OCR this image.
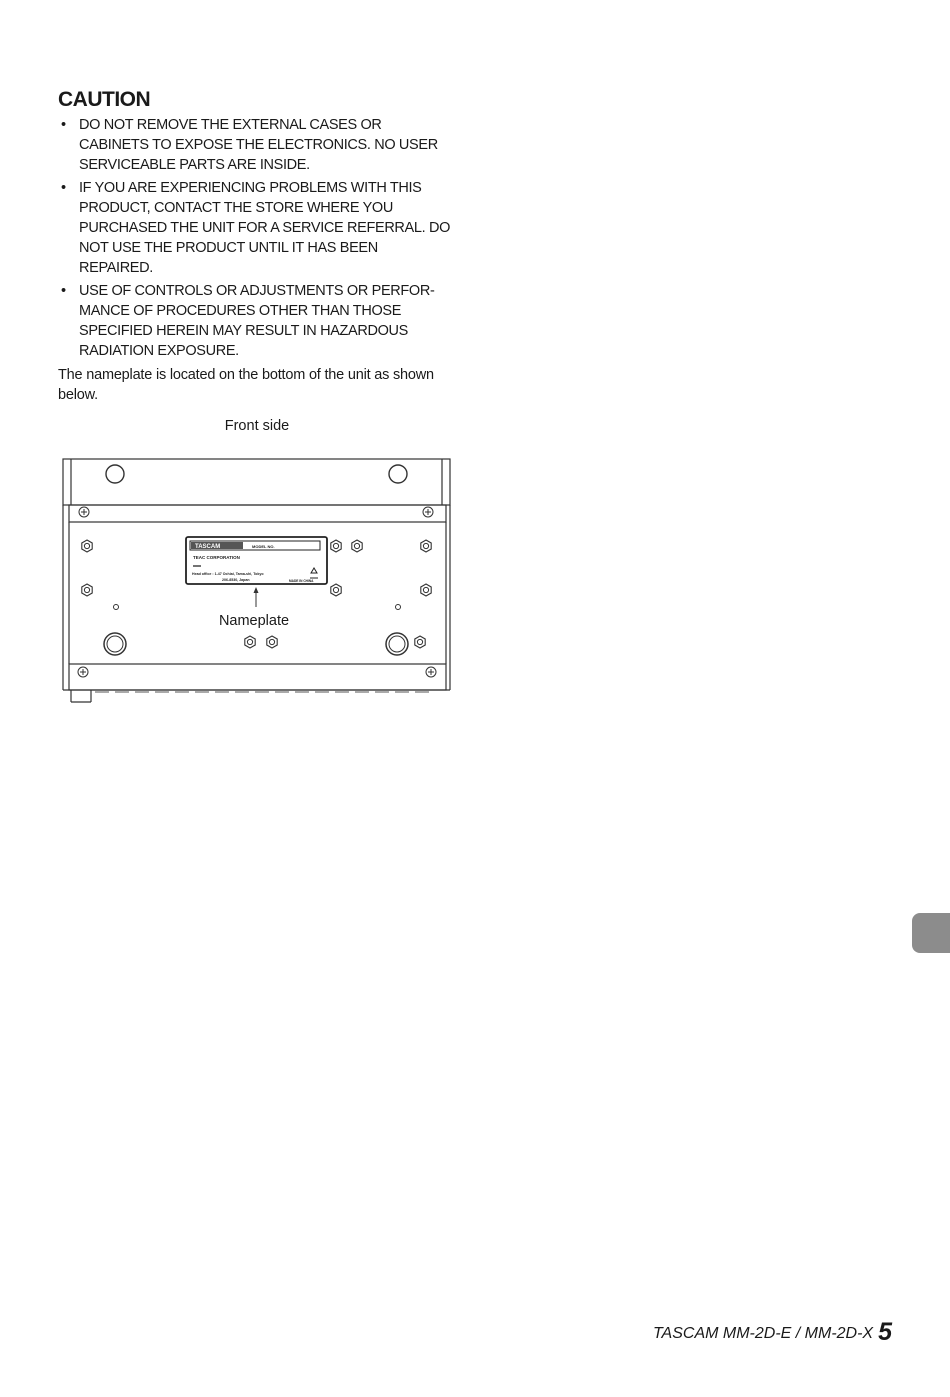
CAUTION
• DO NOT REMOVE THE EXTERNAL CASES OR CABINETS TO EXPOSE THE ELECTRONICS. NO USER SERVICEABLE PARTS ARE INSIDE.
• IF YOU ARE EXPERIENCING PROBLEMS WITH THIS PRODUCT, CONTACT THE STORE WHERE YOU PURCHASED THE UNIT FOR A SERVICE REFERRAL. DO NOT USE THE PRODUCT UNTIL IT HAS BEEN REPAIRED.
• USE OF CONTROLS OR ADJUSTMENTS OR PERFOR- MANCE OF PROCEDURES OTHER THAN THOSE SPECIFIED HEREIN MAY RESULT IN HAZARDOUS RADIATION EXPOSURE.

The nameplate is located on the bottom of the unit as shown below.

Front side
TASCAM	MODEL NO.
TEAC CORPORATION
Head office : 1-47 Ochiai, Tama-shi, Tokyo
206-8530, Japan	MADE IN CHINA
Nameplate
TASCAM MM-2D-E / MM-2D-X 5
